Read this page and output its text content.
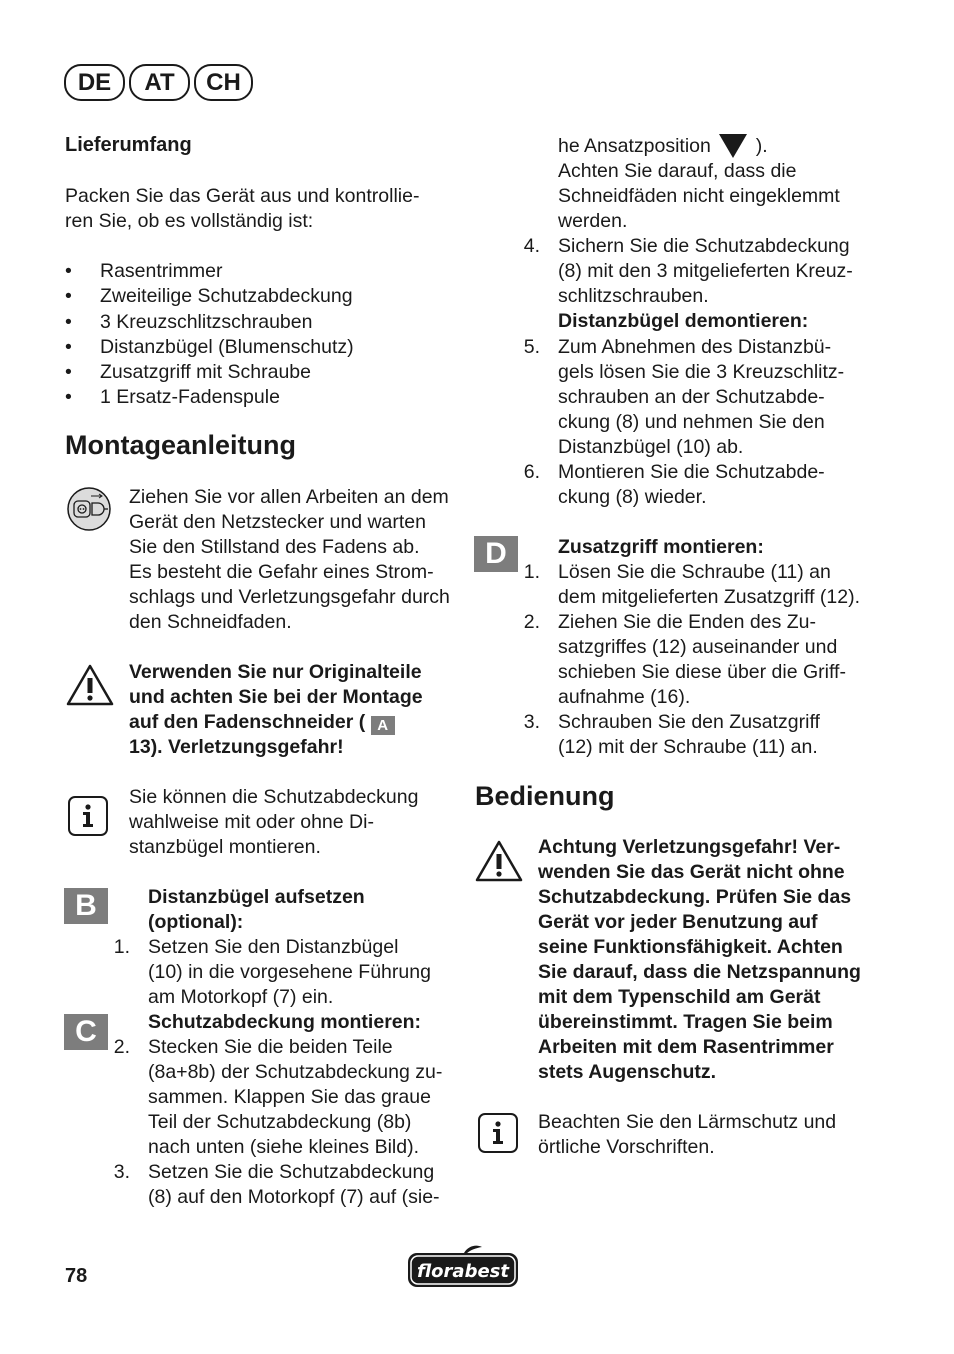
DE	AT	CH
Lieferumfang
Packen Sie das Gerät aus und kontrollie-
ren Sie, ob es vollständig ist:
• Rasentrimmer
• Zweiteilige Schutzabdeckung
• 3 Kreuzschlitzschrauben
• Distanzbügel (Blumenschutz)
• Zusatzgriff mit Schraube
• 1 Ersatz-Fadenspule
Montageanleitung
Ziehen Sie vor allen Arbeiten an dem
Gerät den Netzstecker und warten
Sie den Stillstand des Fadens ab.
Es besteht die Gefahr eines Strom-
schlags und Verletzungsgefahr durch
den Schneidfaden.
Verwenden Sie nur Originalteile
und achten Sie bei der Montage
auf den Fadenschneider ( A
13). Verletzungsgefahr!
Sie können die Schutzabdeckung
wahlweise mit oder ohne Di-
stanzbügel montieren.
B	Distanzbügel aufsetzen
(optional):
1. Setzen Sie den Distanzbügel
(10) in die vorgesehene Führung
am Motorkopf (7) ein.
C	Schutzabdeckung montieren:
2. Stecken Sie die beiden Teile
(8a+8b) der Schutzabdeckung zu-
sammen. Klappen Sie das graue
Teil der Schutzabdeckung (8b)
nach unten (siehe kleines Bild).
3. Setzen Sie die Schutzabdeckung
(8) auf den Motorkopf (7) auf (sie-
he Ansatzposition ).
Achten Sie darauf, dass die
Schneidfäden nicht eingeklemmt
werden.
4. Sichern Sie die Schutzabdeckung
(8) mit den 3 mitgelieferten Kreuz-
schlitzschrauben.
Distanzbügel demontieren:
5. Zum Abnehmen des Distanzbü-
gels lösen Sie die 3 Kreuzschlitz-
schrauben an der Schutzabde-
ckung (8) und nehmen Sie den
Distanzbügel (10) ab.
6. Montieren Sie die Schutzabde-
ckung (8) wieder.
D	Zusatzgriff montieren:
1. Lösen Sie die Schraube (11) an
dem mitgelieferten Zusatzgriff (12).
2. Ziehen Sie die Enden des Zu-
satzgriffes (12) auseinander und
schieben Sie diese über die Griff-
aufnahme (16).
3. Schrauben Sie den Zusatzgriff
(12) mit der Schraube (11) an.
Bedienung
Achtung Verletzungsgefahr! Ver-
wenden Sie das Gerät nicht ohne
Schutzabdeckung. Prüfen Sie das
Gerät vor jeder Benutzung auf
seine Funktionsfähigkeit. Achten
Sie darauf, dass die Netzspannung
mit dem Typenschild am Gerät
übereinstimmt. Tragen Sie beim
Arbeiten mit dem Rasentrimmer
stets Augenschutz.
Beachten Sie den Lärmschutz und
örtliche Vorschriften.
78	florabest
